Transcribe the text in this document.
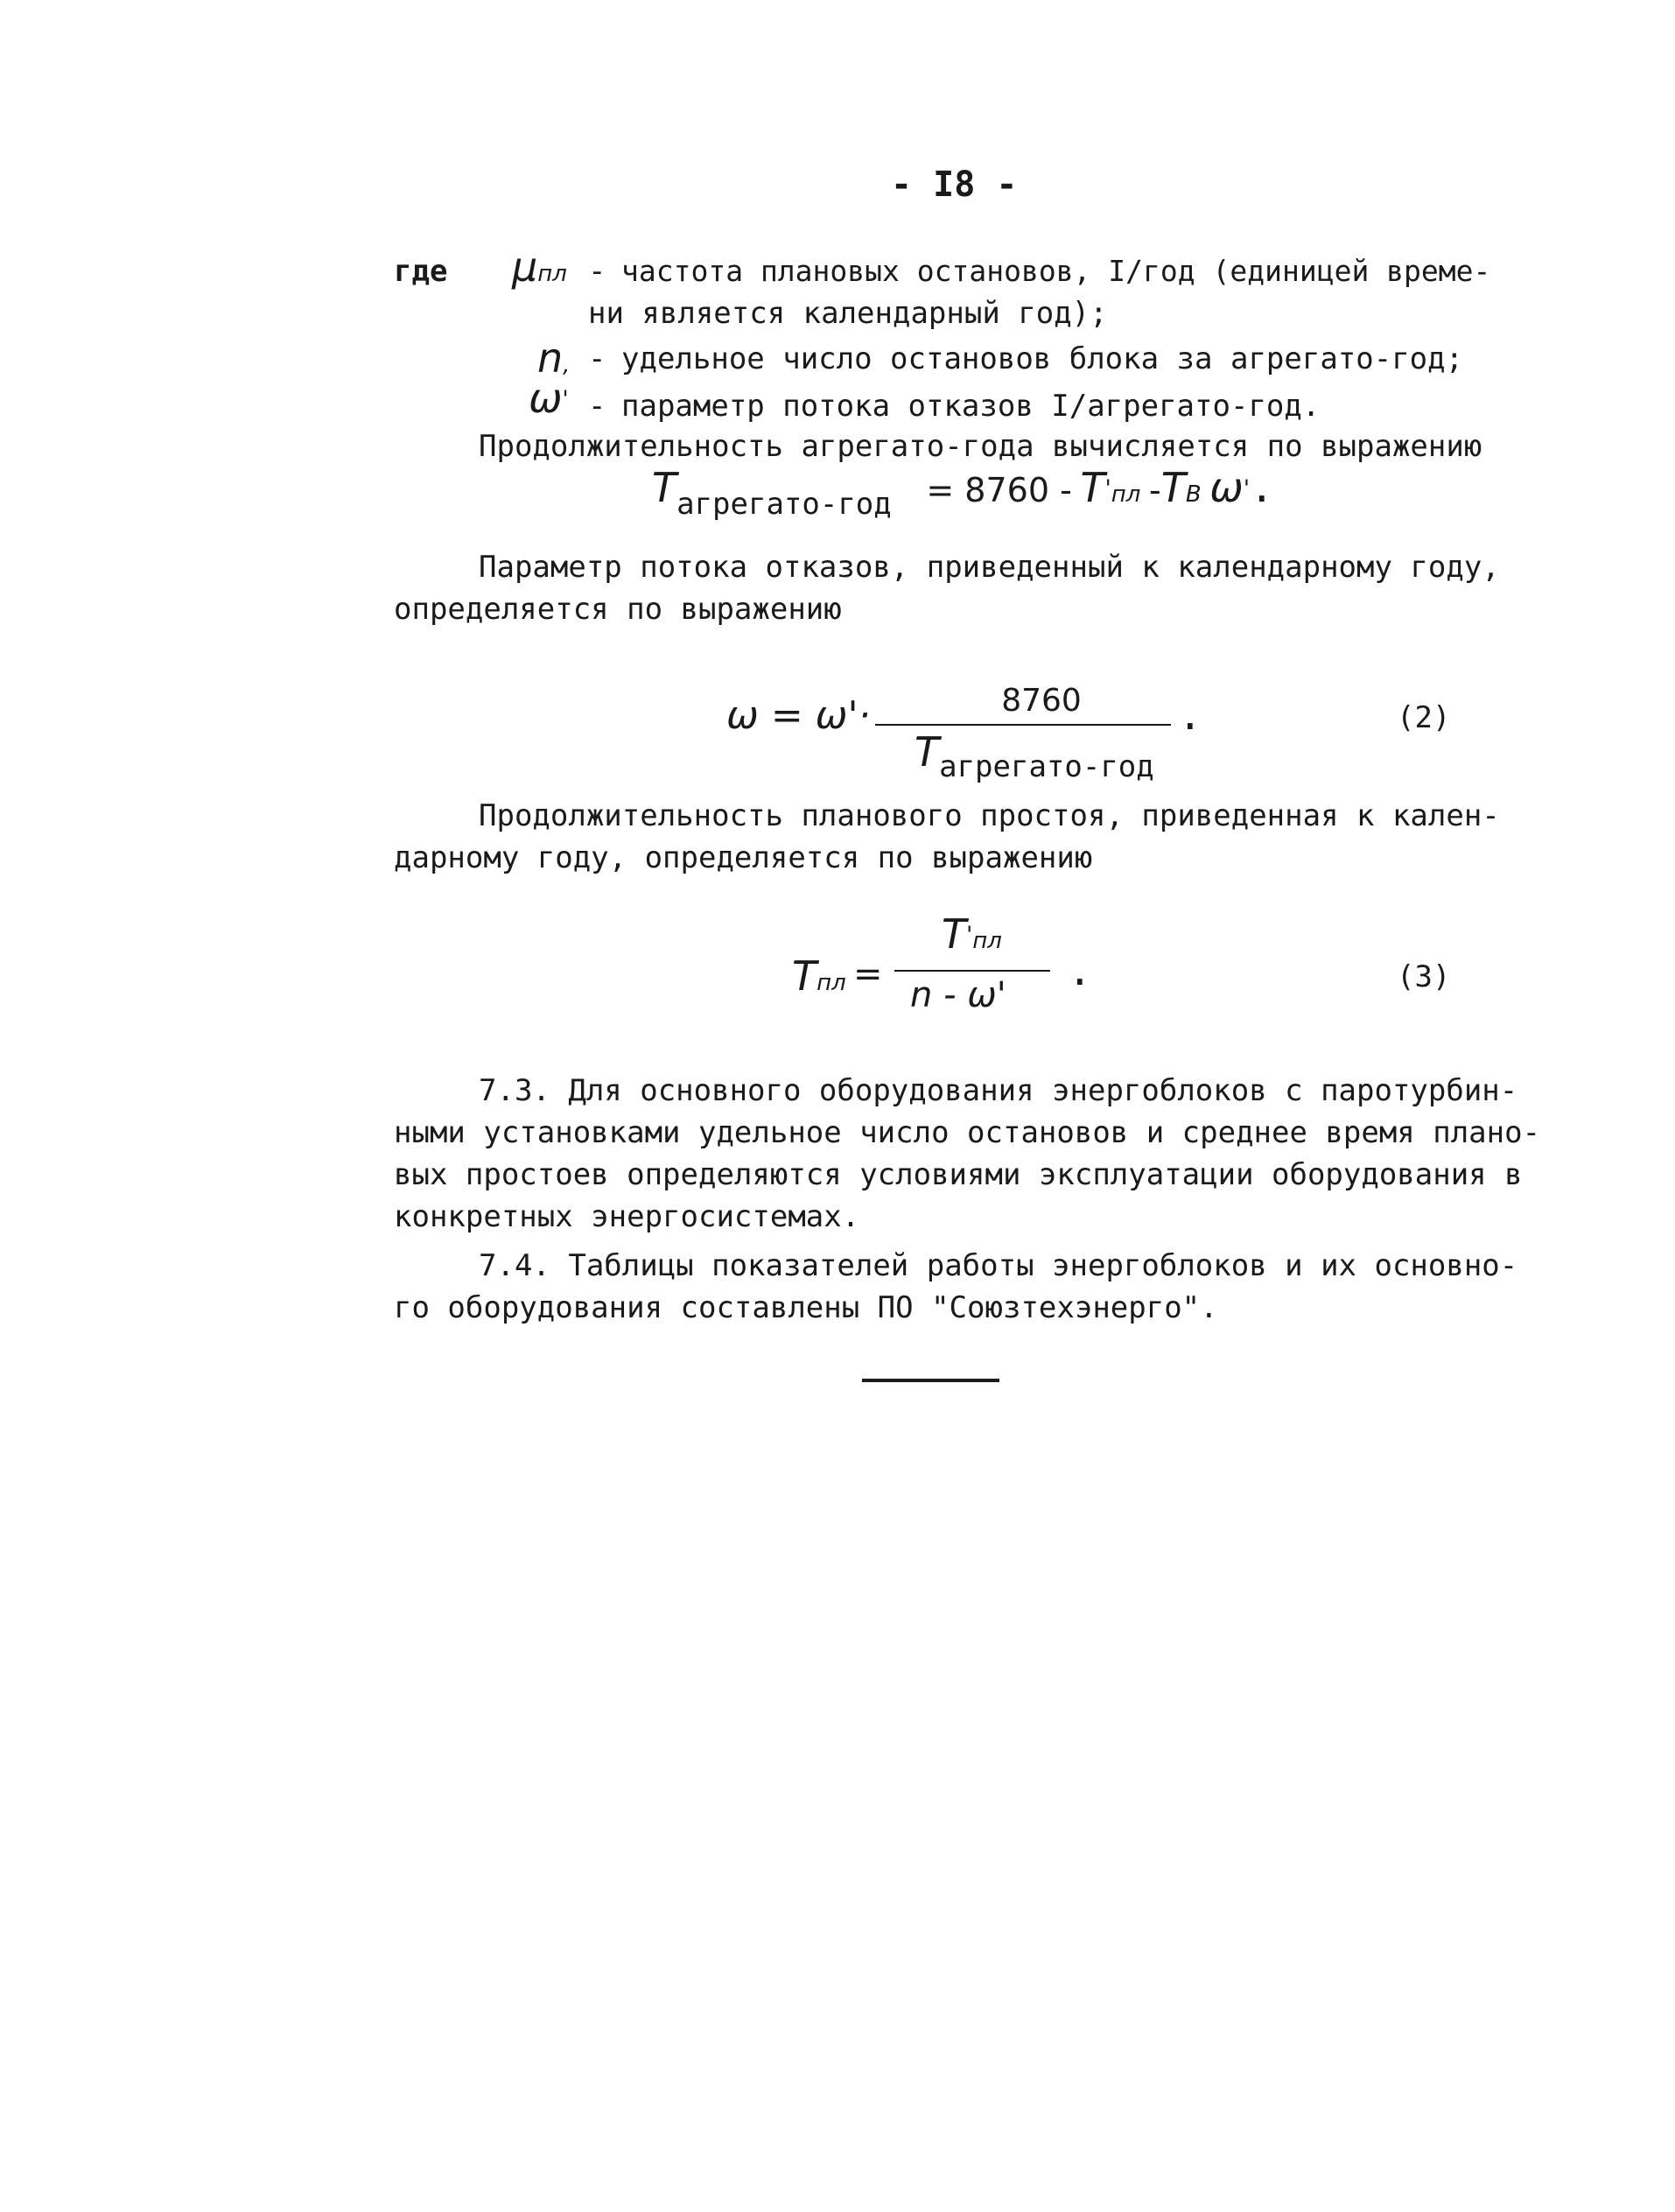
- I8 -
где μпл - частота плановых остановов, I/год (единицей време-
ни является календарный год);
n, - удельное число остановов блока за агрегато-год;
ω' - параметр потока отказов I/агрегато-год.
Продолжительность агрегато-года вычисляется по выражению
Tагрегато-год = 8760 - T'пл -TВ ω'.
Параметр потока отказов, приведенный к календарному году,
определяется по выражению
ω = ω'·	8760
Tагрегато-год
.	(2)
Продолжительность планового простоя, приведенная к кален-
дарному году, определяется по выражению
Tпл =
T'пл
n - ω'
.	(3)
7.3. Для основного оборудования энергоблоков с паротурбин-
ными установками удельное число остановов и среднее время плано-
вых простоев определяются условиями эксплуатации оборудования в
конкретных энергосистемах.
7.4. Таблицы показателей работы энергоблоков и их основно-
го оборудования составлены ПО "Союзтехэнерго".
